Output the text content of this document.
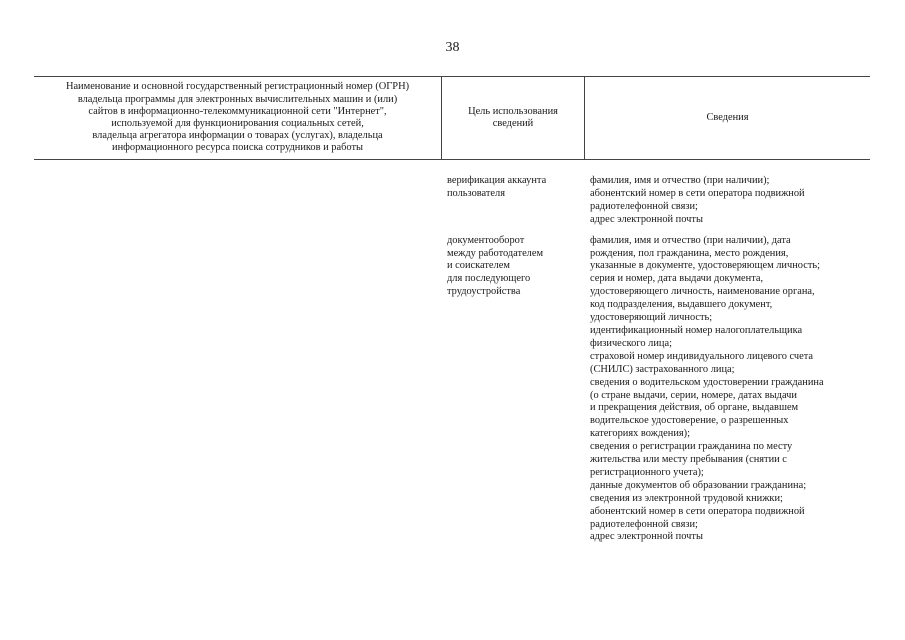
38
Наименование и основной государственный регистрационный номер (ОГРН)
владельца программы для электронных вычислительных машин и (или)
сайтов в информационно-телекоммуникационной сети "Интернет",
используемой для функционирования социальных сетей,
владельца агрегатора информации о товарах (услугах), владельца
информационного ресурса поиска сотрудников и работы
Цель использования
сведений
Сведения
верификация аккаунта
пользователя
фамилия, имя и отчество (при наличии);
абонентский номер в сети оператора подвижной
радиотелефонной связи;
адрес электронной почты
документооборот
между работодателем
и соискателем
для последующего
трудоустройства
фамилия, имя и отчество (при наличии), дата
рождения, пол гражданина, место рождения,
указанные в документе, удостоверяющем личность;
серия и номер, дата выдачи документа,
удостоверяющего личность, наименование органа,
код подразделения, выдавшего документ,
удостоверяющий личность;
идентификационный номер налогоплательщика
физического лица;
страховой номер индивидуального лицевого счета
(СНИЛС) застрахованного лица;
сведения о водительском удостоверении гражданина
(о стране выдачи, серии, номере, датах выдачи
и прекращения действия, об органе, выдавшем
водительское удостоверение, о разрешенных
категориях вождения);
сведения о регистрации гражданина по месту
жительства или месту пребывания (снятии с
регистрационного учета);
данные документов об образовании гражданина;
сведения из электронной трудовой книжки;
абонентский номер в сети оператора подвижной
радиотелефонной связи;
адрес электронной почты
